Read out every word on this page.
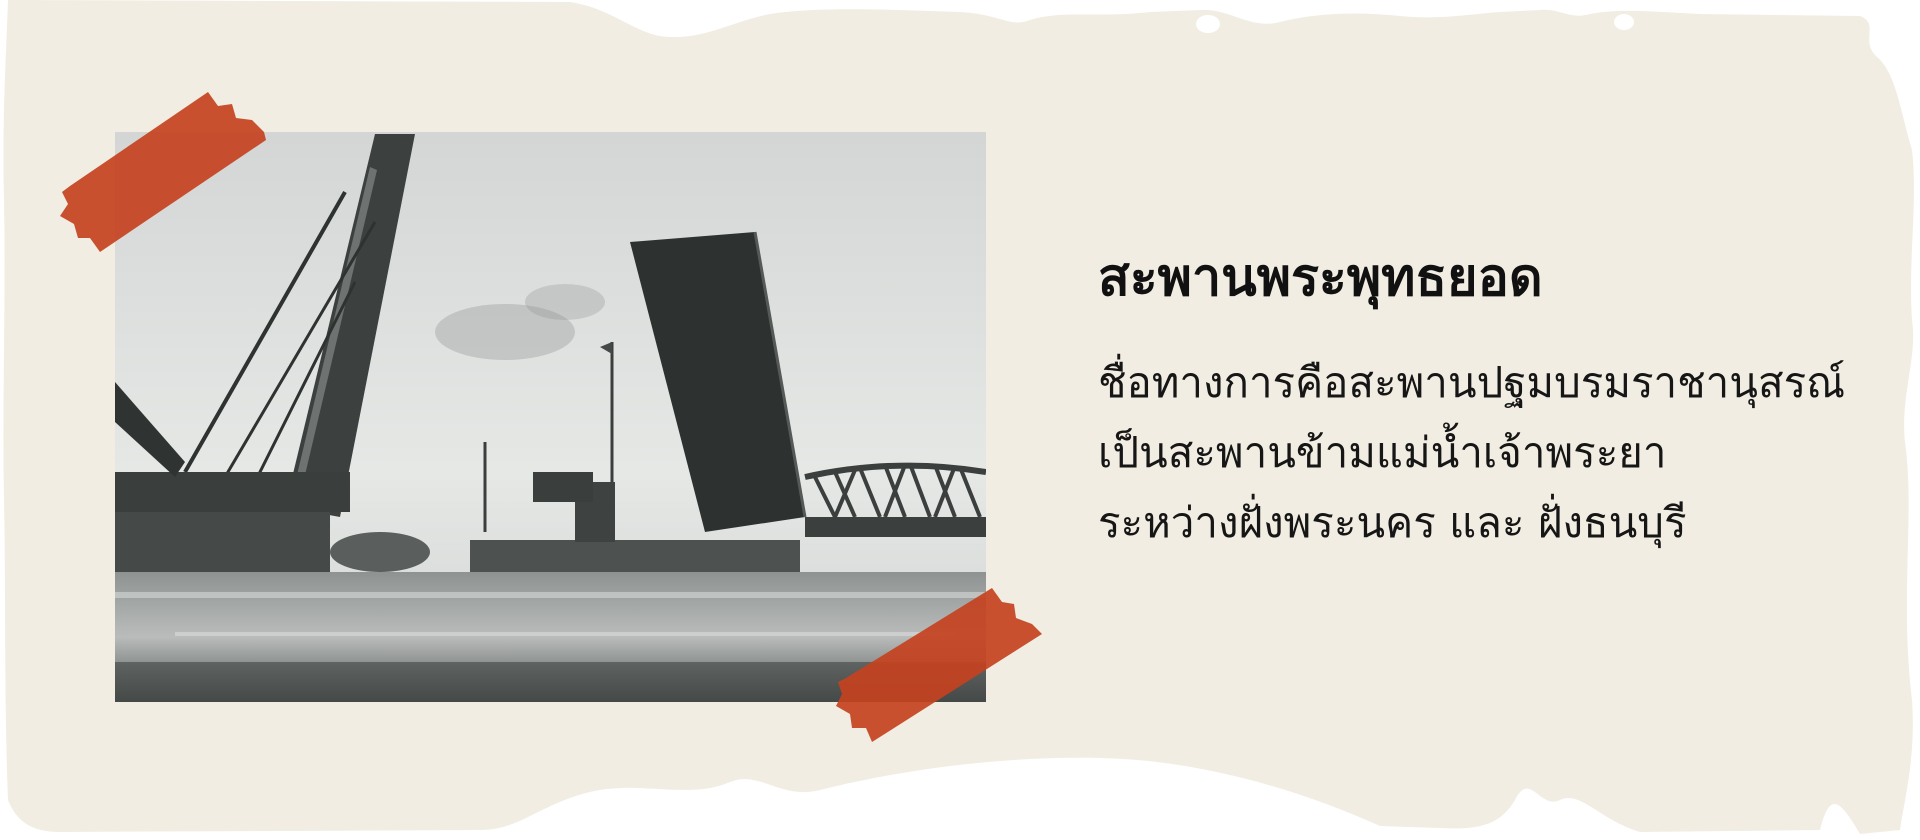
สะพานพระพุทธยอด
ชื่อทางการคือสะพานปฐมบรมราชานุสรณ์
เป็นสะพานข้ามแม่น้ำเจ้าพระยา
ระหว่างฝั่งพระนคร และ ฝั่งธนบุรี
